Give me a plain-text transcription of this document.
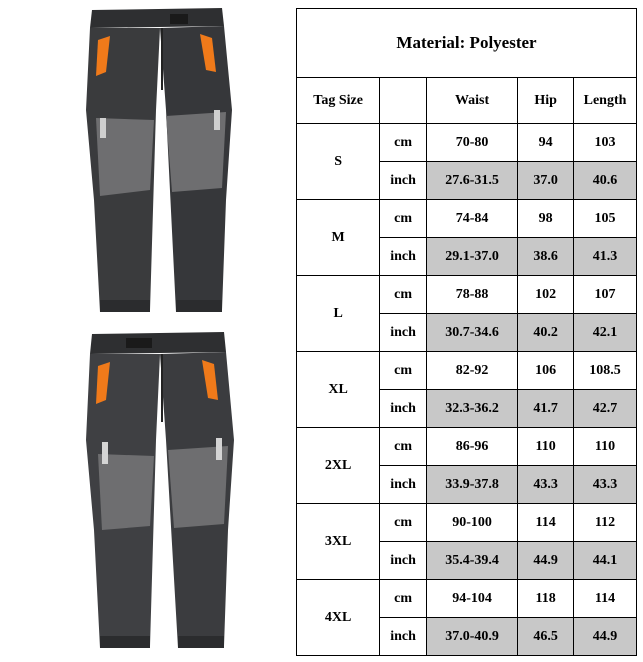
Material: Polyester				
Tag Size		Waist	Hip	Length
S	cm	70-80	94	103
	inch	27.6-31.5	37.0	40.6
M	cm	74-84	98	105
	inch	29.1-37.0	38.6	41.3
L	cm	78-88	102	107
	inch	30.7-34.6	40.2	42.1
XL	cm	82-92	106	108.5
	inch	32.3-36.2	41.7	42.7
2XL	cm	86-96	110	110
	inch	33.9-37.8	43.3	43.3
3XL	cm	90-100	114	112
	inch	35.4-39.4	44.9	44.1
4XL	cm	94-104	118	114
	inch	37.0-40.9	46.5	44.9
